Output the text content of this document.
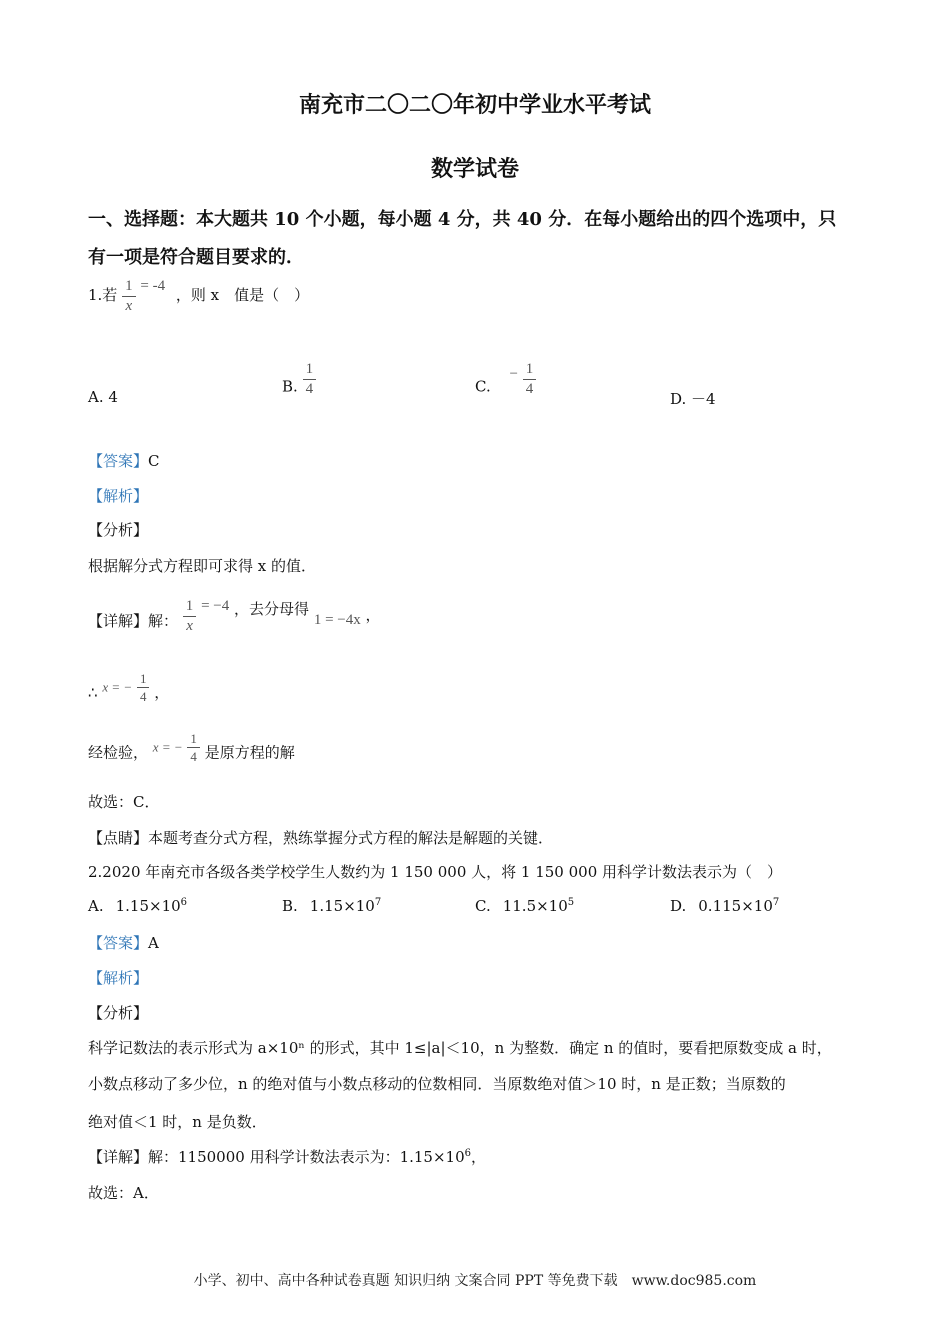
南充市二〇二〇年初中学业水平考试
数学试卷
一、选择题：本大题共 10 个小题，每小题 4 分，共 40 分．在每小题给出的四个选项中，只
有一项是符合题目要求的．
1.若 $\frac{1}{x} = -4$ ，则 x　值是（　）
A. 4
B. $\frac{1}{4}$	C. − $\frac{1}{4}$
D. －4
【答案】C
【解析】
【分析】
根据解分式方程即可求得 x 的值．
【详解】解： $\frac{1}{x} = -4$ ，去分母得 1 = −4x ，
∴ x = − $\frac{1}{4}$ ，
经检验， x = − $\frac{1}{4}$ 是原方程的解
故选：C．
【点睛】本题考查分式方程，熟练掌握分式方程的解法是解题的关键．
2.2020 年南充市各级各类学校学生人数约为 1 150 000 人，将 1 150 000 用科学计数法表示为（　）
A. $1.15\times 10^6$	B. $1.15\times 10^7$	C. $11.5\times 10^5$	D. $0.115\times 10^7$
【答案】A
【解析】
【分析】
科学记数法的表示形式为 a×10ⁿ 的形式，其中 1≤|a|＜10，n 为整数．确定 n 的值时，要看把原数变成 a 时，
小数点移动了多少位，n 的绝对值与小数点移动的位数相同．当原数绝对值＞10 时，n 是正数；当原数的
绝对值＜1 时，n 是负数．
【详解】解：1150000 用科学计数法表示为：$1.15\times 10^6$，
故选：A．
小学、初中、高中各种试卷真题 知识归纳 文案合同 PPT 等免费下载　www.doc985.com
